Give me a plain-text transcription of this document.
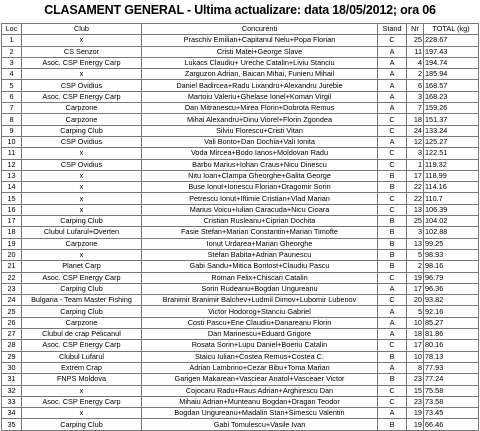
CLASAMENT GENERAL - Ultima actualizare: data 18/05/2012; ora 06
Loc	Club	Concurenti	Stand	Nr	TOTAL (kg)
1	x	Praschiv Emilian+Capitanul Nelu+Popa Florian	C	25	228.67
2	CS Senzor	Cristi Matei+George Slave	A	11	197.43
3	Asoc. CSP Energy Carp	Lukacs Claudiu+ Ureche Catalin+Liviu Stanciu	A	4	194.74
4	x	Zarguzon Adrian, Baican Mihai, Funieru Mihail	A	2	185.94
5	CSP Ovidius	Daniel Badircea+Radu Lixandru+Alexandru Jurebie	A	6	168.57
6	Asoc. CSP Energy Carp	Martoiu Valeriu+Ghelase Ionel+Koman Virgil	A	3	168.23
7	Carpzone	Dan Mitranescu+Mirea Florin+Dobrota Remus	A	7	159.26
8	Carpzone	Mihai Alexandru+Dinu Viorel+Florin Zgondea	C	18	151.37
9	Carping Club	Silviu Florescu+Cristi Vitan	C	24	133.24
10	CSP Ovidius	Vali Bonto+Dan Dochia+Vali Ionita	A	12	125.27
11	x	Voda Mircea+Bodo Ianos+Moldovan Radu	C	3	122.51
12	CSP Ovidius	Barbu Marius+Iohan Craus+Nicu Dinescu	C	1	119.32
13	x	Nitu Ioan+Clampa Gheorghe+Galita George	B	17	118.99
14	x	Buse Ionut+Ionescu Florian+Dragomir Sorin	B	22	114.16
15	x	Petrescu Ionut+Iftimie Cristian+Vlad Marian	C	22	110.7
16	x	Marius Voicu+Iulian Caracuda+Nicu Cioara	C	13	106.39
17	Carping Club	Cristian Rusleanu+Ciprian Dochita	B	25	104.02
18	Clubul Lufarul+Overten	Fasie Stefan+Marian Constantin+Marian Timofte	B	3	102.88
19	Carpzone	Ionut Urdarea+Marian Gheorghe	B	13	99.25
20	x	Stefan Babita+Adrian Paunescu	B	5	98.93
21	Planet Carp	Gabi Sandu+Mitica Bontost+Claudiu Pascu	B	2	98.16
22	Asoc. CSP Energy Carp	Roman Felix+Chiscari Catalin	C	19	96.79
23	Carping Club	Sorin Rudeanu+Bogdan Ungureanu	A	17	96.36
24	Bulgaria - Team Master Fishing	Branimir Branimir Balchev+Ludmil Dimov+Lubomir Lubenov	C	20	93.82
25	Carping Club	Victor Hodorog+Stanciu Gabriel	A	5	92.16
26	Carpzone	Costi Pascu+Ene Claudiu+Danareanu Florin	A	10	85.27
27	Clubul de crap Pelicanul	Dan Marinescu+Eduard Grigore	A	18	81.86
28	Asoc. CSP Energy Carp	Rosata Sorin+Lupu Daniel+Boeriu Catalin	C	17	80.16
29	Clubul Lufarul	Staicu Iulian+Costea Remus+Costea C.	B	10	78.13
30	Extrem Crap	Adrian Lambrino+Cezar Bibu+Toma Marian	A	8	77.93
31	FNPS Moldova	Garigen Makarean+Vasciear Anatol+Vasceaer Victor	B	23	77.24
32	x	Cojocaru Radu+Raus Adrian+Arghirescu Dan	C	15	75.58
33	Asoc. CSP Energy Carp	Mihaiu Adrian+Munteanu Bogdan+Dragan Teodor	C	23	73.58
34	x	Bogdan Ungureanu+Madalin Stan+Simescu Valentin	A	19	73.45
35	Carping Club	Gabi Tomulescu+Vasile Ivan	B	19	66.46
